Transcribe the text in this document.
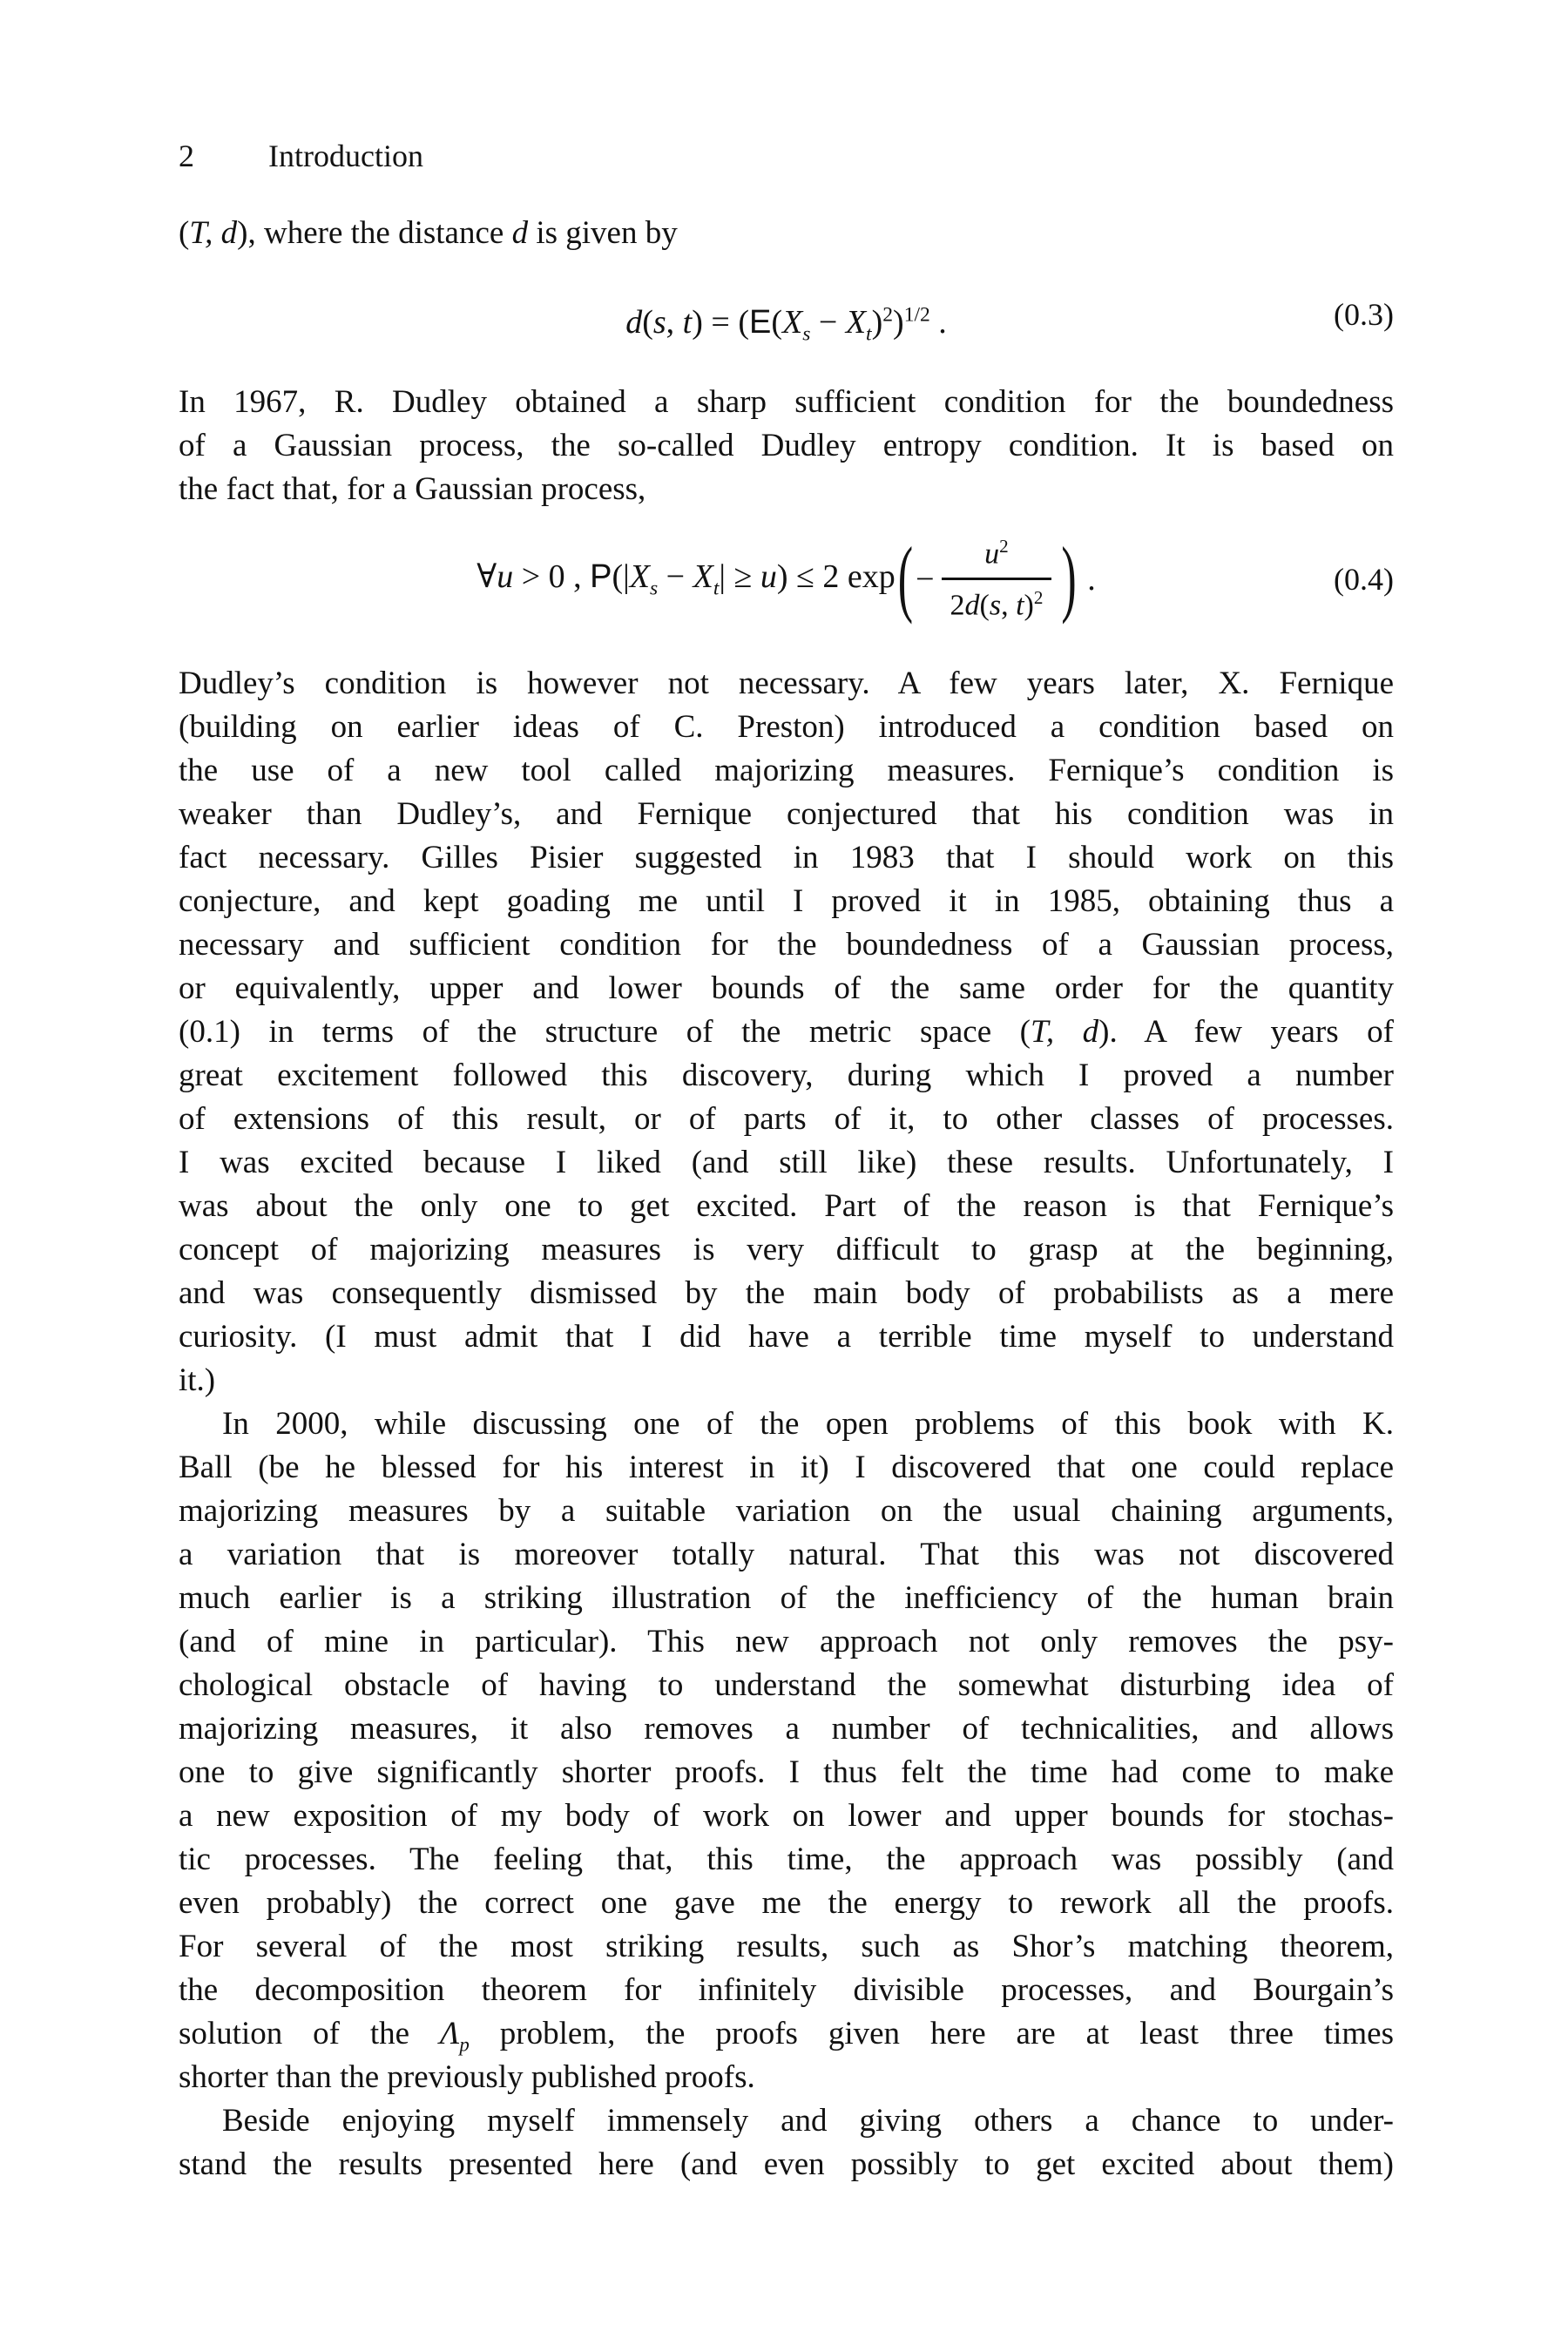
2 Introduction
(T, d), where the distance d is given by
d(s, $t) = (E(X_s - X_t)^2)^{1/2}$ .	(0.3)
In 1967, R. Dudley obtained a sharp sufficient condition for the boundedness
of a Gaussian process, the so-called Dudley entropy condition. It is based on
the fact that, for a Gaussian process,
∀u > 0 , $P(|X_s - X_t| \ge u) \le 2$ exp ( − $\frac{u^2}{2d(s, t)^2}$ ) .	(0.4)
Dudley’s condition is however not necessary. A few years later, X. Fernique
(building on earlier ideas of C. Preston) introduced a condition based on
the use of a new tool called majorizing measures. Fernique’s condition is
weaker than Dudley’s, and Fernique conjectured that his condition was in
fact necessary. Gilles Pisier suggested in 1983 that I should work on this
conjecture, and kept goading me until I proved it in 1985, obtaining thus a
necessary and sufficient condition for the boundedness of a Gaussian process,
or equivalently, upper and lower bounds of the same order for the quantity
(0.1) in terms of the structure of the metric space (T, d). A few years of
great excitement followed this discovery, during which I proved a number
of extensions of this result, or of parts of it, to other classes of processes.
I was excited because I liked (and still like) these results. Unfortunately, I
was about the only one to get excited. Part of the reason is that Fernique’s
concept of majorizing measures is very difficult to grasp at the beginning,
and was consequently dismissed by the main body of probabilists as a mere
curiosity. (I must admit that I did have a terrible time myself to understand
it.)
In 2000, while discussing one of the open problems of this book with K.
Ball (be he blessed for his interest in it) I discovered that one could replace
majorizing measures by a suitable variation on the usual chaining arguments,
a variation that is moreover totally natural. That this was not discovered
much earlier is a striking illustration of the inefficiency of the human brain
(and of mine in particular). This new approach not only removes the psy-
chological obstacle of having to understand the somewhat disturbing idea of
majorizing measures, it also removes a number of technicalities, and allows
one to give significantly shorter proofs. I thus felt the time had come to make
a new exposition of my body of work on lower and upper bounds for stochas-
tic processes. The feeling that, this time, the approach was possibly (and
even probably) the correct one gave me the energy to rework all the proofs.
For several of the most striking results, such as Shor’s matching theorem,
the decomposition theorem for infinitely divisible processes, and Bourgain’s
solution of the $\Lambda_p$ problem, the proofs given here are at least three times
shorter than the previously published proofs.
Beside enjoying myself immensely and giving others a chance to under-
stand the results presented here (and even possibly to get excited about them)
